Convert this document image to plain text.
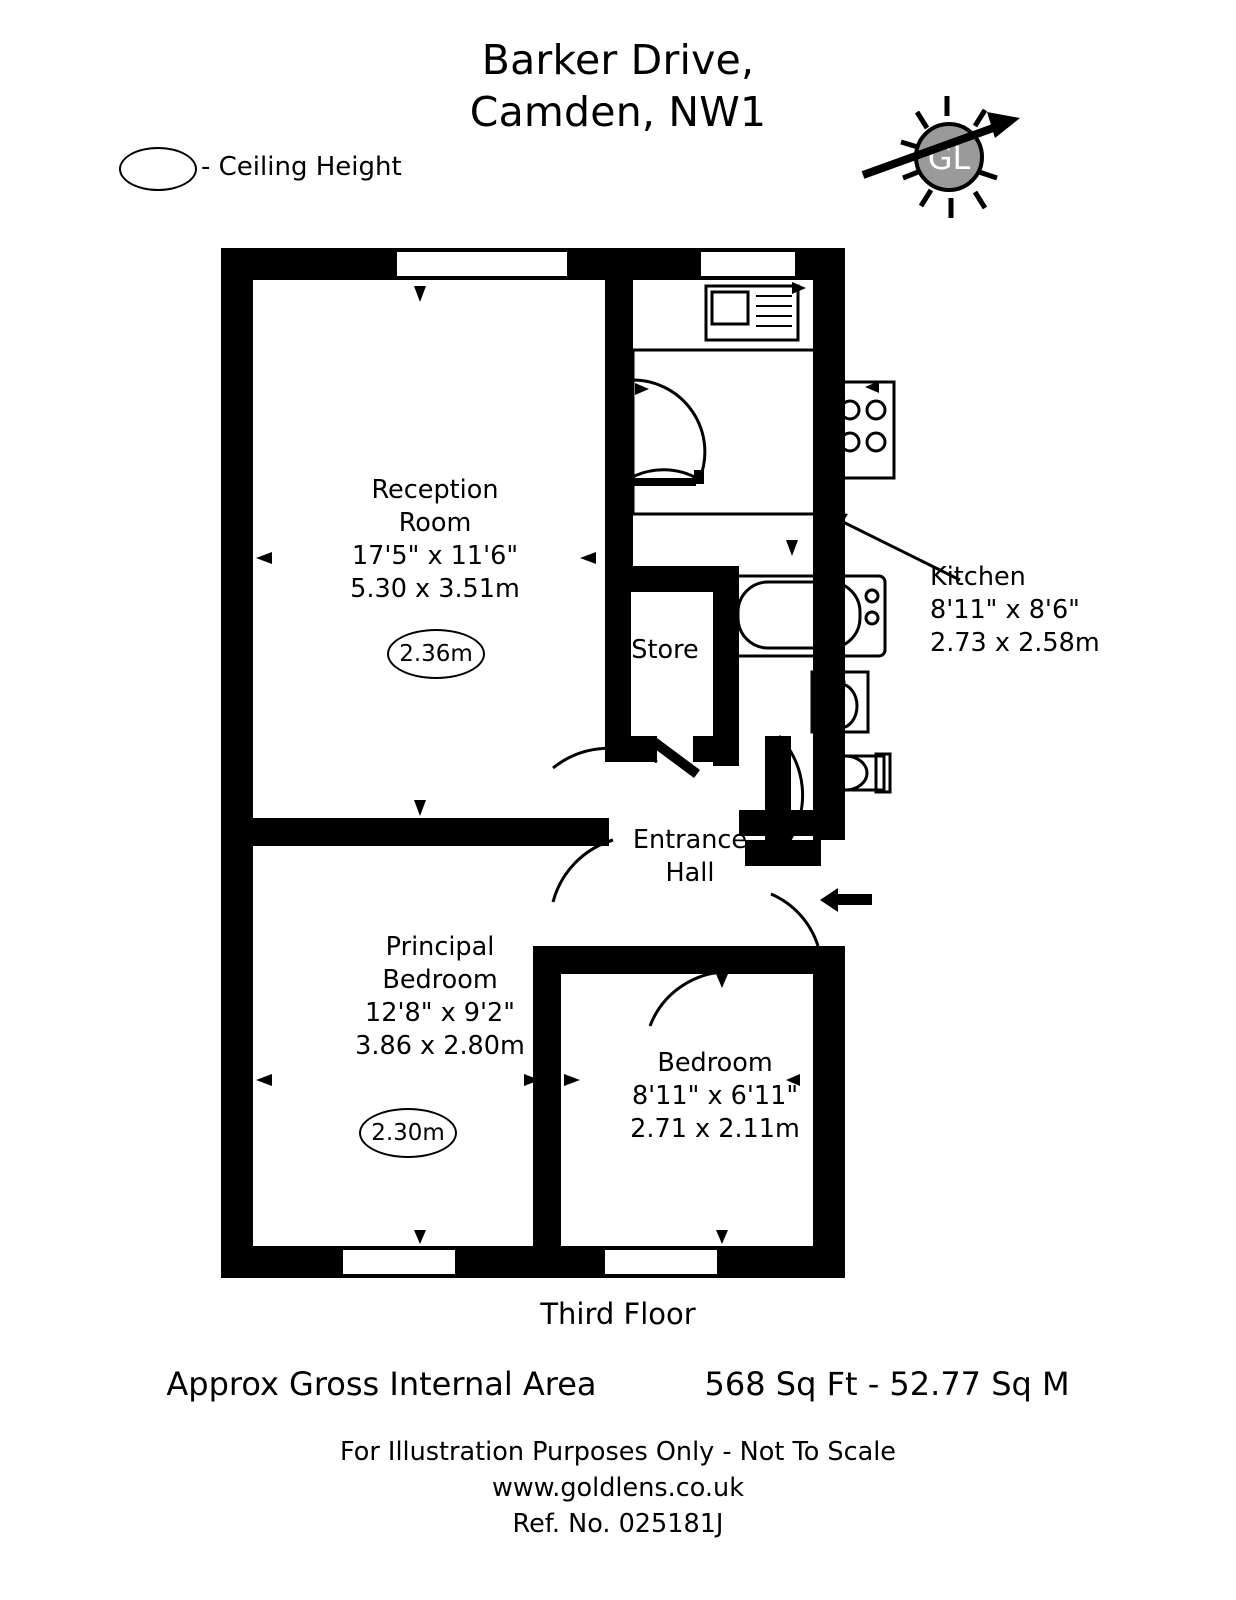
Barker Drive,
Camden, NW1
- Ceiling Height	GL
Reception
Room
17'5" x 11'6"
5.30 x 3.51m
2.36m	Store
Kitchen
8'11" x 8'6"
2.73 x 2.58m
Entrance
Hall
Principal
Bedroom
12'8" x 9'2"
3.86 x 2.80m
2.30m
Bedroom
8'11" x 6'11"
2.71 x 2.11m
Third Floor
Approx Gross Internal Area	568 Sq Ft - 52.77 Sq M
For Illustration Purposes Only - Not To Scale
www.goldlens.co.uk
Ref. No. 025181J
